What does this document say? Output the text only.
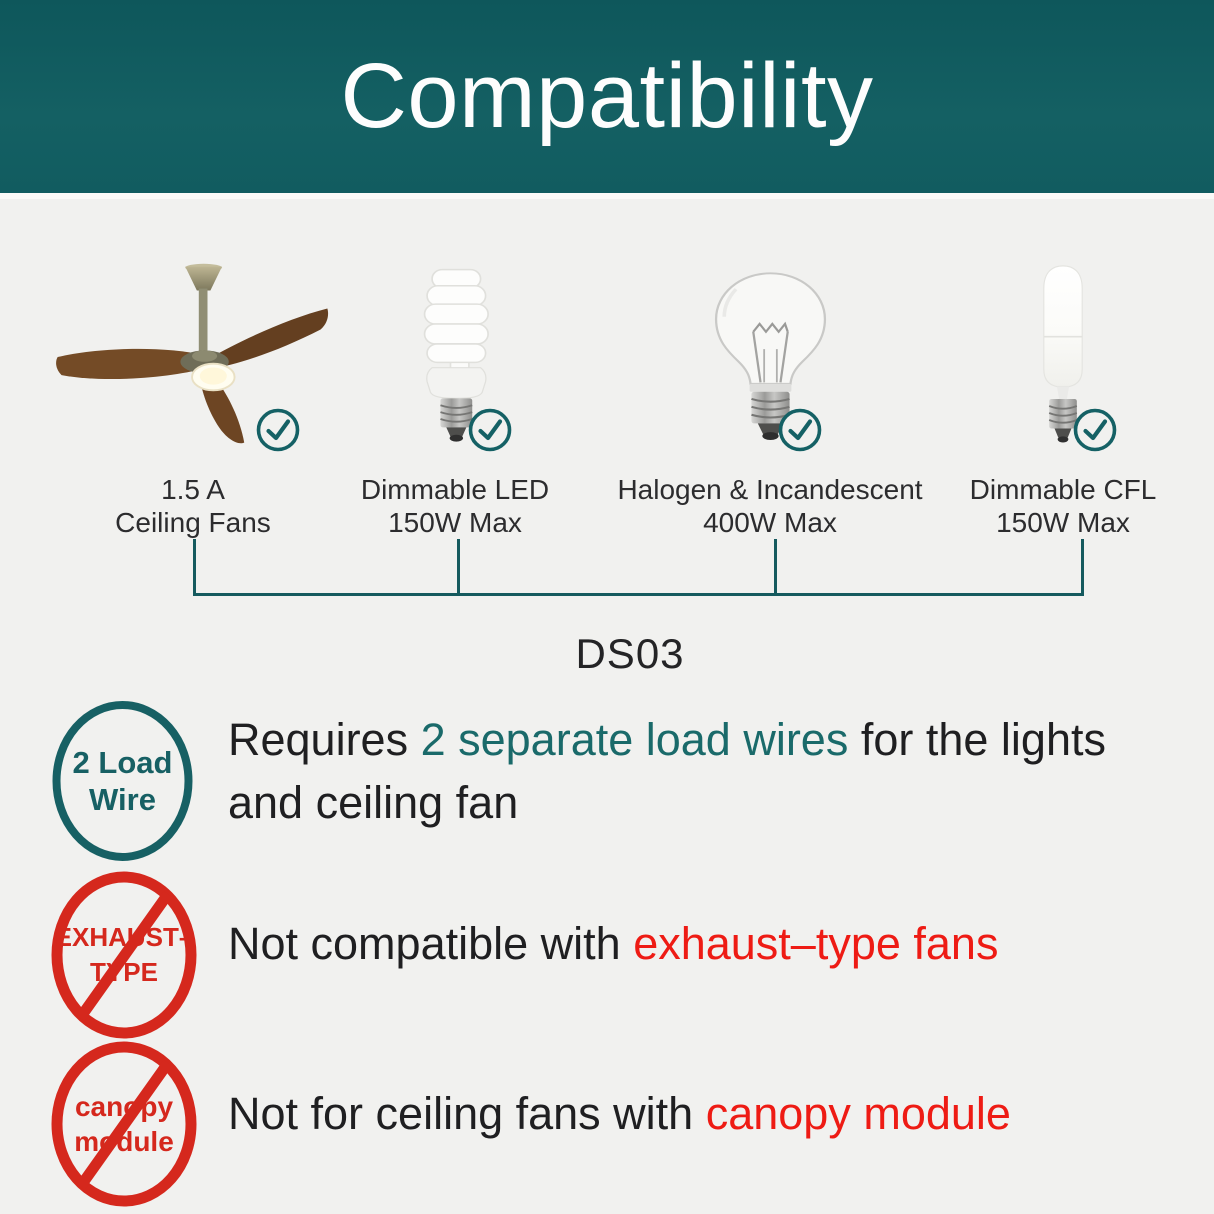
Compatibility
1.5 A
Ceiling Fans
Dimmable LED
150W Max
Halogen & Incandescent
400W Max
Dimmable CFL
150W Max
DS03
2 Load
Wire
Requires 2 separate load wires for the lights and ceiling fan
EXHAUST–
TYPE
Not compatible with exhaust–type fans
canopy
module
Not for ceiling fans with canopy module
